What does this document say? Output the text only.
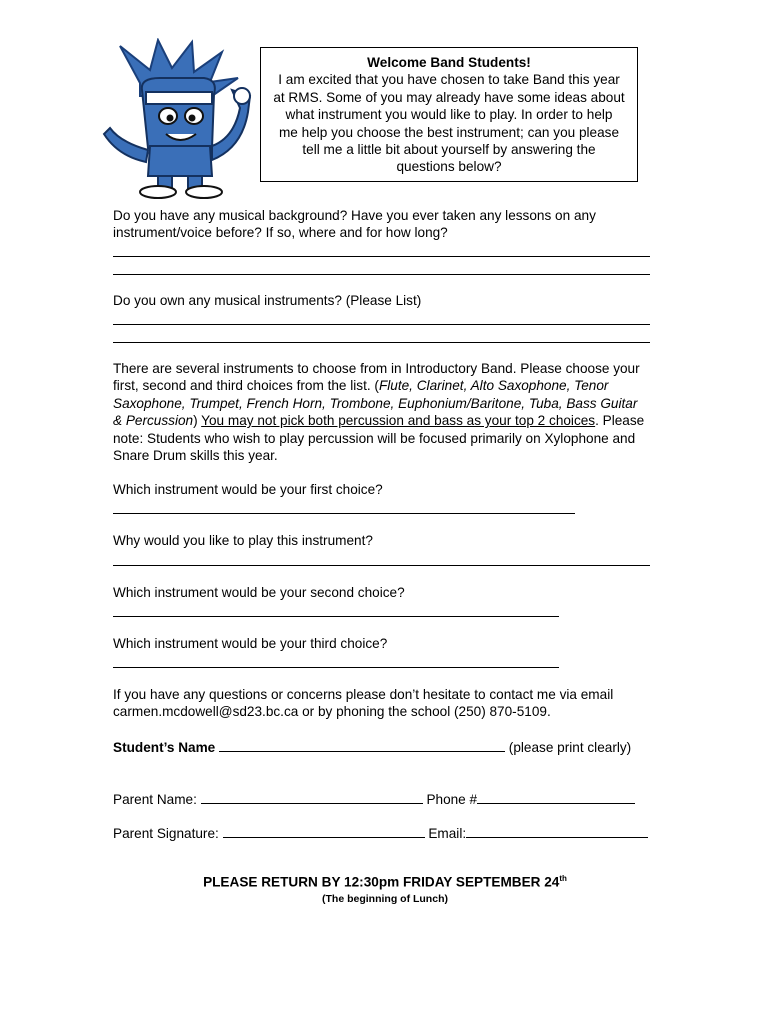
Welcome Band Students!
I am excited that you have chosen to take Band this year
at RMS. Some of you may already have some ideas about
what instrument you would like to play. In order to help
me help you choose the best instrument; can you please
tell me a little bit about yourself by answering the
questions below?
Do you have any musical background? Have you ever taken any lessons on any
instrument/voice before? If so, where and for how long?
Do you own any musical instruments? (Please List)
There are several instruments to choose from in Introductory Band. Please choose your
first, second and third choices from the list. (Flute, Clarinet, Alto Saxophone, Tenor
Saxophone, Trumpet, French Horn, Trombone, Euphonium/Baritone, Tuba, Bass Guitar
& Percussion) You may not pick both percussion and bass as your top 2 choices. Please
note: Students who wish to play percussion will be focused primarily on Xylophone and
Snare Drum skills this year.
Which instrument would be your first choice?
Why would you like to play this instrument?
Which instrument would be your second choice?
Which instrument would be your third choice?
If you have any questions or concerns please don’t hesitate to contact me via email
carmen.mcdowell@sd23.bc.ca or by phoning the school (250) 870-5109.
Student’s Name	(please print clearly)
Parent Name:	Phone #
Parent Signature:	Email:
PLEASE RETURN BY 12:30pm FRIDAY SEPTEMBER 24th
(The beginning of Lunch)
